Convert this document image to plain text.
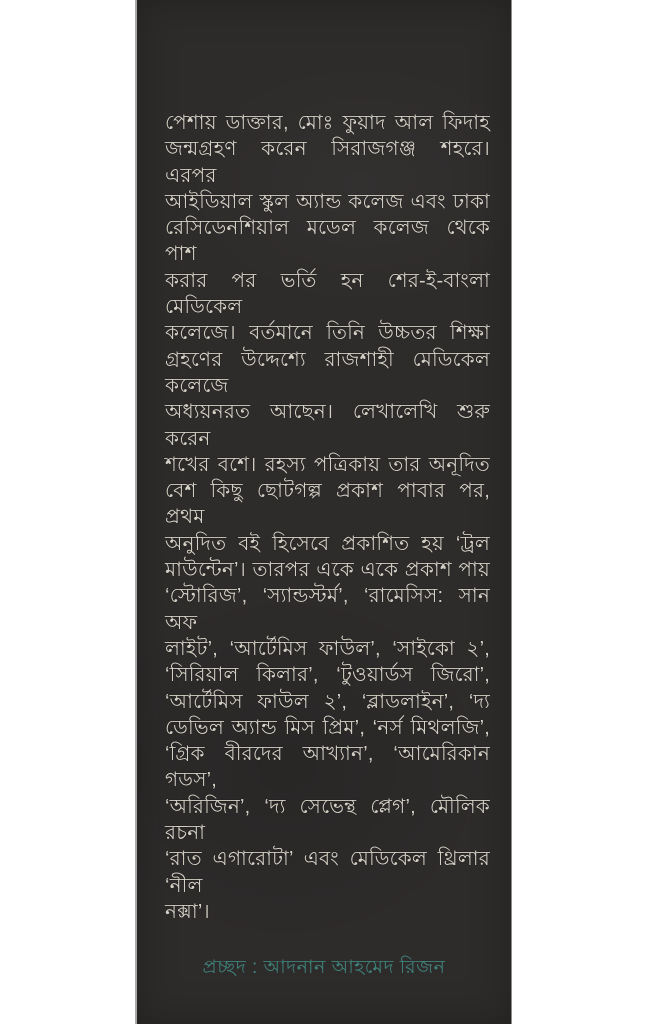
পেশায় ডাক্তার, মোঃ ফুয়াদ আল ফিদাহ
জন্মগ্রহণ করেন সিরাজগঞ্জ শহরে। এরপর
আইডিয়াল স্কুল অ্যান্ড কলেজ এবং ঢাকা
রেসিডেনশিয়াল মডেল কলেজ থেকে পাশ
করার পর ভর্তি হন শের-ই-বাংলা মেডিকেল
কলেজে। বর্তমানে তিনি উচ্চতর শিক্ষা
গ্রহণের উদ্দেশ্যে রাজশাহী মেডিকেল কলেজে
অধ্যয়নরত আছেন। লেখালেখি শুরু করেন
শখের বশে। রহস্য পত্রিকায় তার অনূদিত
বেশ কিছু ছোটগল্প প্রকাশ পাবার পর, প্রথম
অনুদিত বই হিসেবে প্রকাশিত হয় ‘ট্রল
মাউন্টেন’। তারপর একে একে প্রকাশ পায়
‘স্টোরিজ’, ‘স্যান্ডস্টর্ম’, ‘রামেসিস: সান অফ
লাইট’, ‘আর্টেমিস ফাউল’, ‘সাইকো ২’,
‘সিরিয়াল কিলার’, ‘টুওয়ার্ডস জিরো’,
‘আর্টেমিস ফাউল ২’, ‘ব্লাডলাইন’, ‘দ্য
ডেভিল অ্যান্ড মিস প্রিম’, ‘নর্স মিথলজি’,
‘গ্রিক বীরদের আখ্যান’, ‘আমেরিকান গডস’,
‘অরিজিন’, ‘দ্য সেভেন্থ প্লেগ’, মৌলিক রচনা
‘রাত এগারোটা’ এবং মেডিকেল থ্রিলার ‘নীল
নক্সা’।
প্রচ্ছদ : আদনান আহমেদ রিজন
